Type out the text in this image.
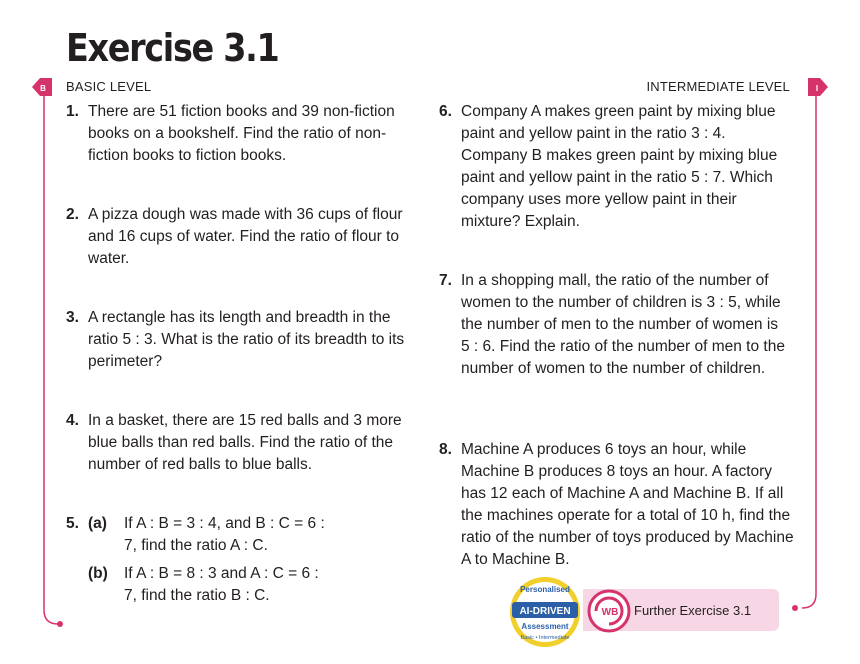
B	I
Exercise 3.1
BASIC LEVEL	INTERMEDIATE LEVEL
1. There are 51 fiction books and 39 non-fiction books on a bookshelf. Find the ratio of non-fiction books to fiction books.
2. A pizza dough was made with 36 cups of flour and 16 cups of water. Find the ratio of flour to water.
3. A rectangle has its length and breadth in the ratio 5 : 3. What is the ratio of its breadth to its perimeter?
4. In a basket, there are 15 red balls and 3 more blue balls than red balls. Find the ratio of the number of red balls to blue balls.
5. (a) If A : B = 3 : 4, and B : C = 6 : 7, find the ratio A : C.
(b) If A : B = 8 : 3 and A : C = 6 : 7, find the ratio B : C.
6. Company A makes green paint by mixing blue paint and yellow paint in the ratio 3 : 4. Company B makes green paint by mixing blue paint and yellow paint in the ratio 5 : 7. Which company uses more yellow paint in their mixture? Explain.
7. In a shopping mall, the ratio of the number of women to the number of children is 3 : 5, while the number of men to the number of women is 5 : 6. Find the ratio of the number of men to the number of women to the number of children.
8. Machine A produces 6 toys an hour, while Machine B produces 8 toys an hour. A factory has 12 each of Machine A and Machine B. If all the machines operate for a total of 10 h, find the ratio of the number of toys produced by Machine A to Machine B.
Personalised
AI-DRIVEN
Assessment
Basic • Intermediate
WB Further Exercise 3.1
